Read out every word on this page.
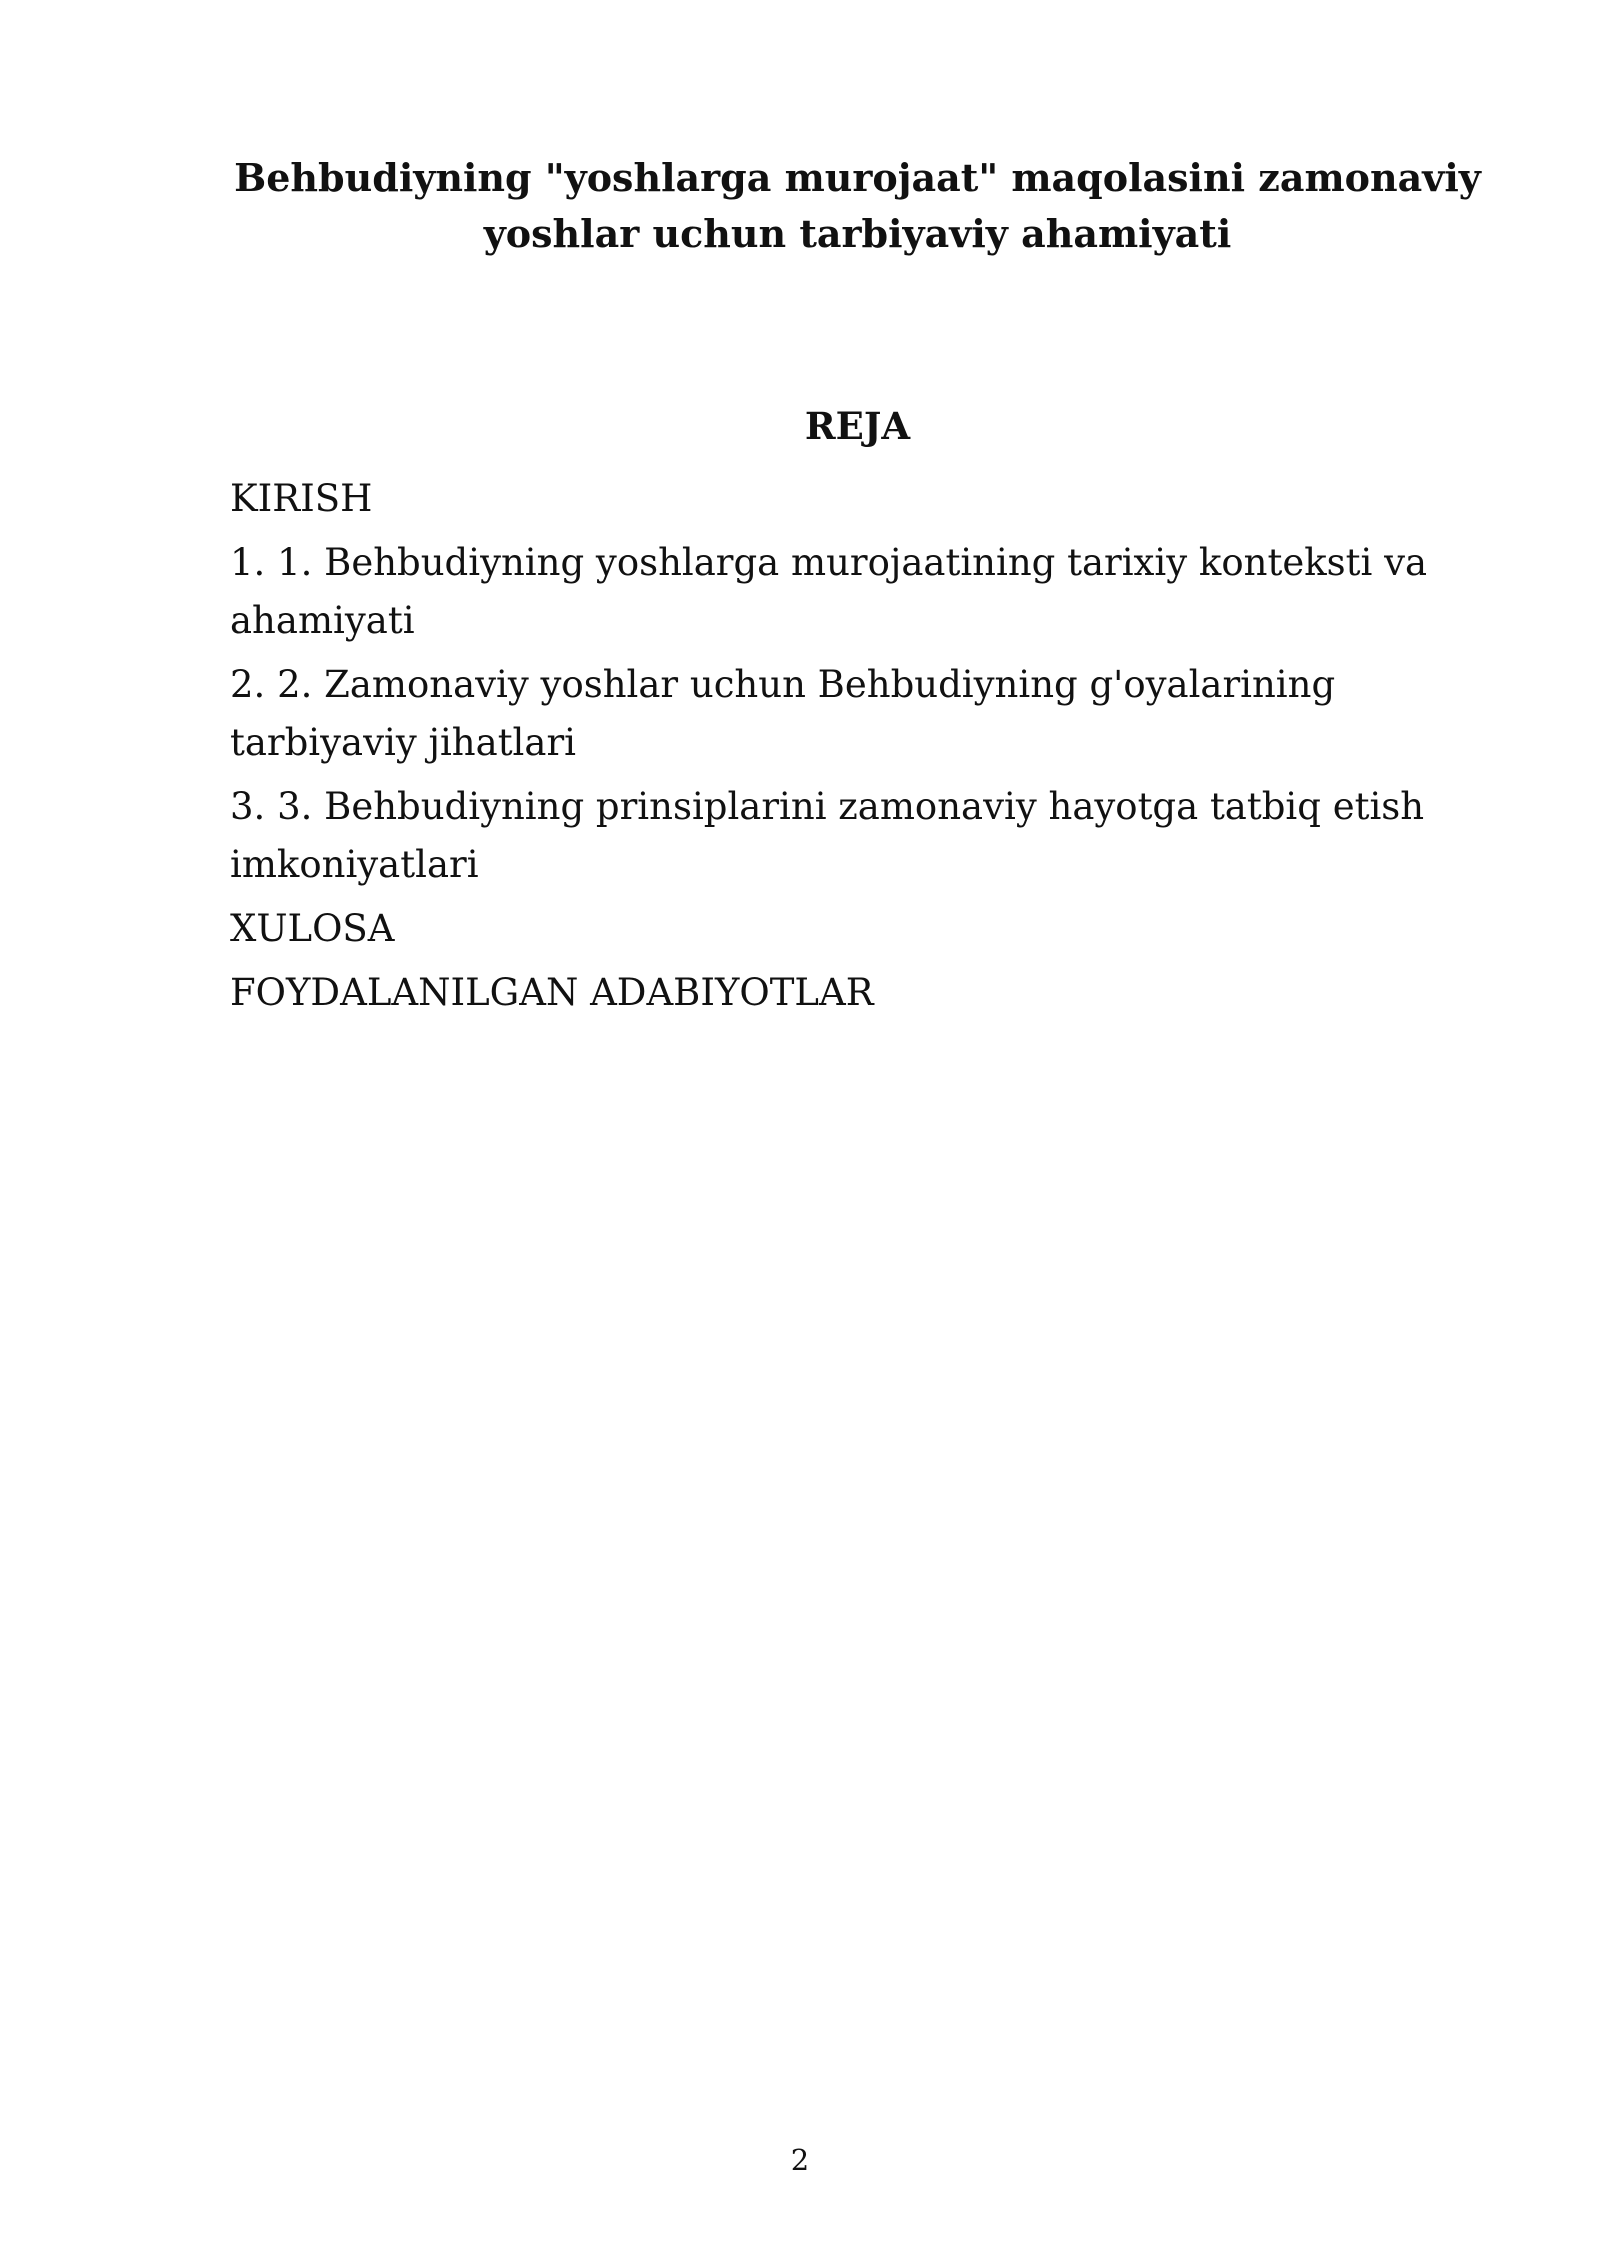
Behbudiyning "yoshlarga murojaat" maqolasini zamonaviy
yoshlar uchun tarbiyaviy ahamiyati
REJA
KIRISH
1. 1. Behbudiyning yoshlarga murojaatining tarixiy konteksti va ahamiyati
2. 2. Zamonaviy yoshlar uchun Behbudiyning g'oyalarining tarbiyaviy jihatlari
3. 3. Behbudiyning prinsiplarini zamonaviy hayotga tatbiq etish imkoniyatlari
XULOSA
FOYDALANILGAN ADABIYOTLAR
2
